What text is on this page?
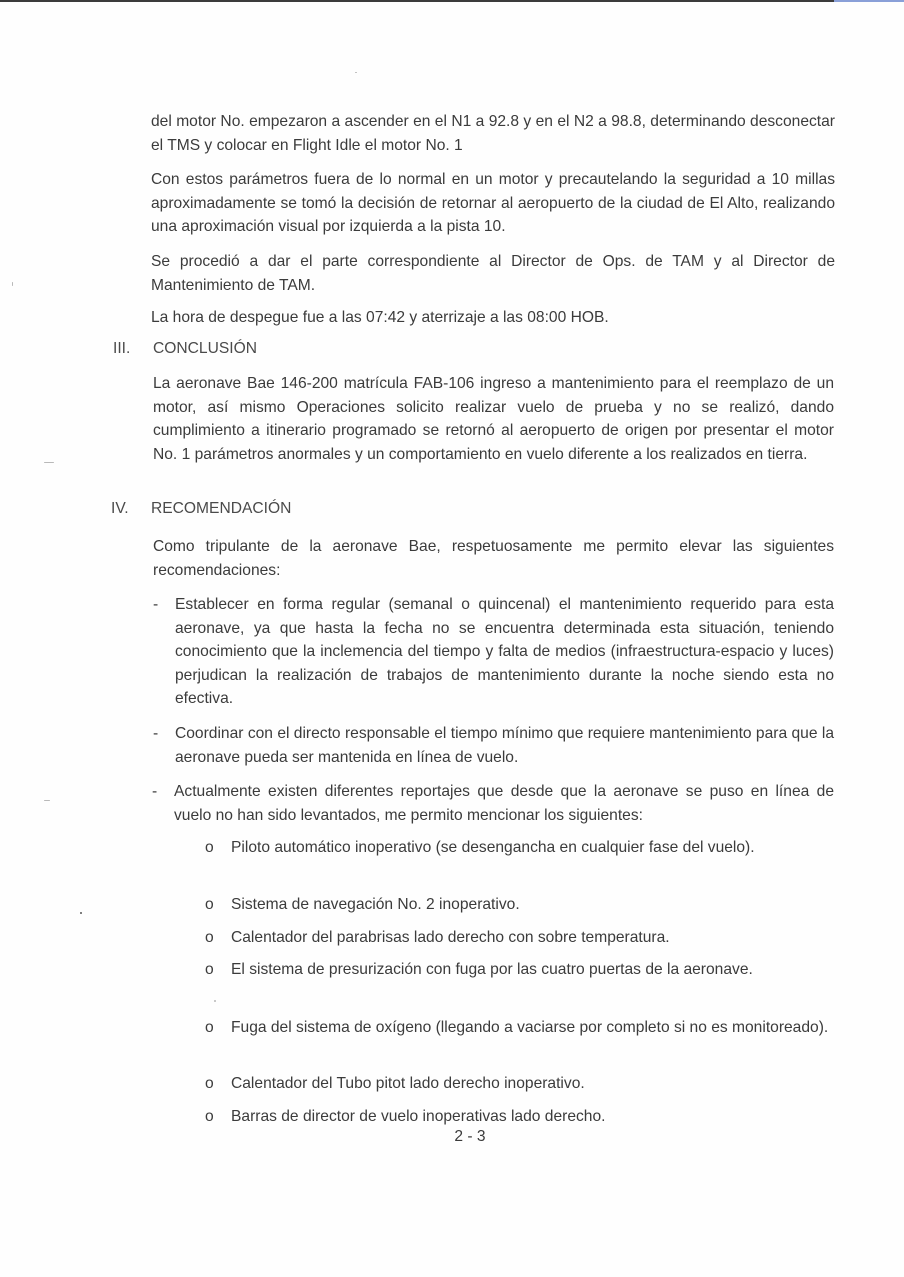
del motor No. empezaron a ascender en el N1 a 92.8 y en el N2 a 98.8, determinando desconectar el TMS y colocar en Flight Idle el motor No. 1

Con estos parámetros fuera de lo normal en un motor y precautelando la seguridad a 10 millas aproximadamente se tomó la decisión de retornar al aeropuerto de la ciudad de El Alto, realizando una aproximación visual por izquierda a la pista 10.

Se procedió a dar el parte correspondiente al Director de Ops. de TAM y al Director de Mantenimiento de TAM.

La hora de despegue fue a las 07:42 y aterrizaje a las 08:00 HOB.

III. CONCLUSIÓN

La aeronave Bae 146-200 matrícula FAB-106 ingreso a mantenimiento para el reemplazo de un motor, así mismo Operaciones solicito realizar vuelo de prueba y no se realizó, dando cumplimiento a itinerario programado se retornó al aeropuerto de origen por presentar el motor No. 1 parámetros anormales y un comportamiento en vuelo diferente a los realizados en tierra.

IV. RECOMENDACIÓN

Como tripulante de la aeronave Bae, respetuosamente me permito elevar las siguientes recomendaciones:

- Establecer en forma regular (semanal o quincenal) el mantenimiento requerido para esta aeronave, ya que hasta la fecha no se encuentra determinada esta situación, teniendo conocimiento que la inclemencia del tiempo y falta de medios (infraestructura-espacio y luces) perjudican la realización de trabajos de mantenimiento durante la noche siendo esta no efectiva.
- Coordinar con el directo responsable el tiempo mínimo que requiere mantenimiento para que la aeronave pueda ser mantenida en línea de vuelo.
- Actualmente existen diferentes reportajes que desde que la aeronave se puso en línea de vuelo no han sido levantados, me permito mencionar los siguientes:
o Piloto automático inoperativo (se desengancha en cualquier fase del vuelo).
o Sistema de navegación No. 2 inoperativo.
o Calentador del parabrisas lado derecho con sobre temperatura.
o El sistema de presurización con fuga por las cuatro puertas de la aeronave.
o Fuga del sistema de oxígeno (llegando a vaciarse por completo si no es monitoreado).
o Calentador del Tubo pitot lado derecho inoperativo.
o Barras de director de vuelo inoperativas lado derecho.
2 - 3
